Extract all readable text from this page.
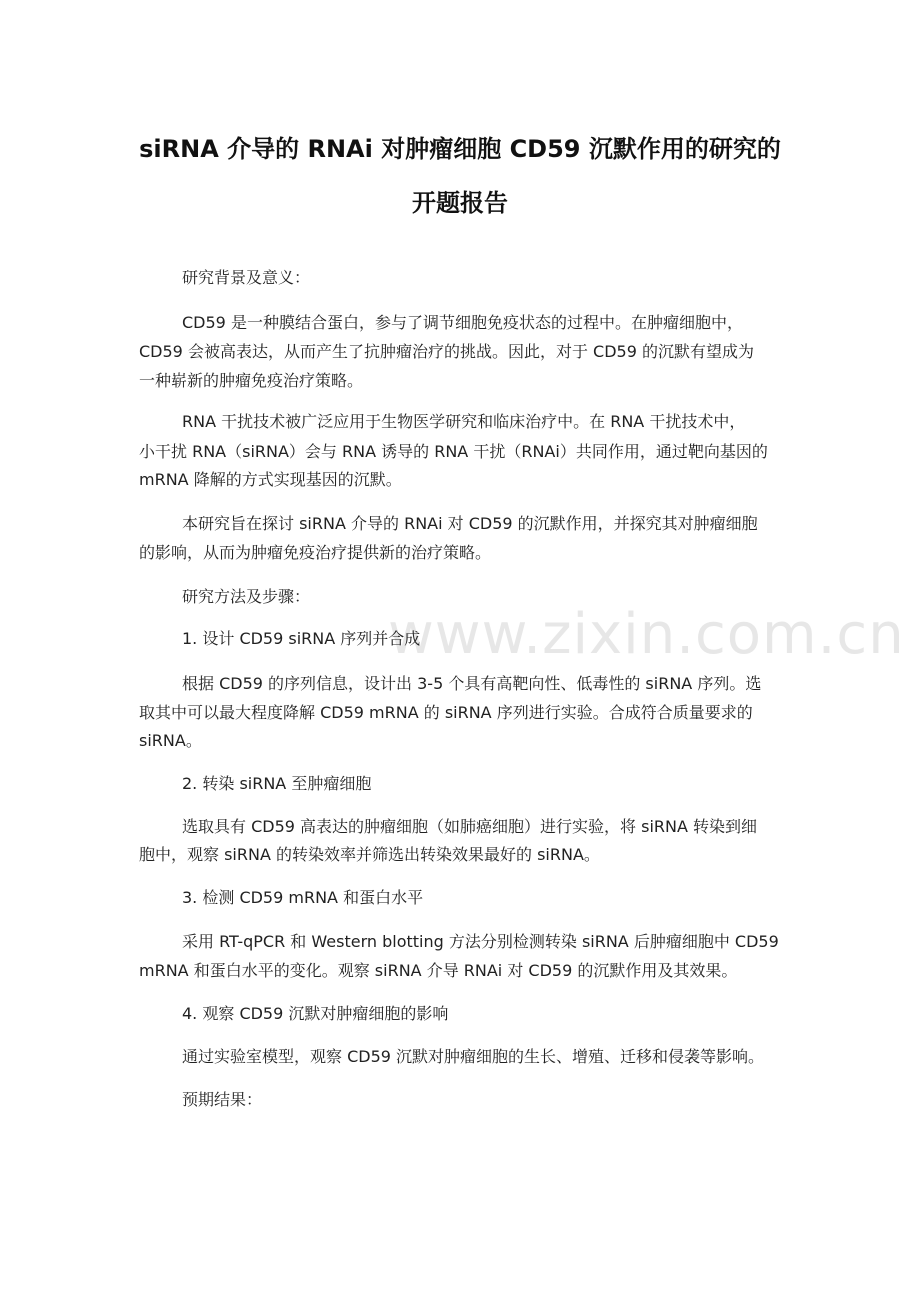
www.zixin.com.cn
siRNA 介导的 RNAi 对肿瘤细胞 CD59 沉默作用的研究的
开题报告
研究背景及意义：
CD59 是一种膜结合蛋白，参与了调节细胞免疫状态的过程中。在肿瘤细胞中，
CD59 会被高表达，从而产生了抗肿瘤治疗的挑战。因此，对于 CD59 的沉默有望成为
一种崭新的肿瘤免疫治疗策略。
RNA 干扰技术被广泛应用于生物医学研究和临床治疗中。在 RNA 干扰技术中，
小干扰 RNA（siRNA）会与 RNA 诱导的 RNA 干扰（RNAi）共同作用，通过靶向基因的
mRNA 降解的方式实现基因的沉默。
本研究旨在探讨 siRNA 介导的 RNAi 对 CD59 的沉默作用，并探究其对肿瘤细胞
的影响，从而为肿瘤免疫治疗提供新的治疗策略。
研究方法及步骤：
1. 设计 CD59 siRNA 序列并合成
根据 CD59 的序列信息，设计出 3-5 个具有高靶向性、低毒性的 siRNA 序列。选
取其中可以最大程度降解 CD59 mRNA 的 siRNA 序列进行实验。合成符合质量要求的
siRNA。
2. 转染 siRNA 至肿瘤细胞
选取具有 CD59 高表达的肿瘤细胞（如肺癌细胞）进行实验，将 siRNA 转染到细
胞中，观察 siRNA 的转染效率并筛选出转染效果最好的 siRNA。
3. 检测 CD59 mRNA 和蛋白水平
采用 RT-qPCR 和 Western blotting 方法分别检测转染 siRNA 后肿瘤细胞中 CD59
mRNA 和蛋白水平的变化。观察 siRNA 介导 RNAi 对 CD59 的沉默作用及其效果。
4. 观察 CD59 沉默对肿瘤细胞的影响
通过实验室模型，观察 CD59 沉默对肿瘤细胞的生长、增殖、迁移和侵袭等影响。
预期结果：
